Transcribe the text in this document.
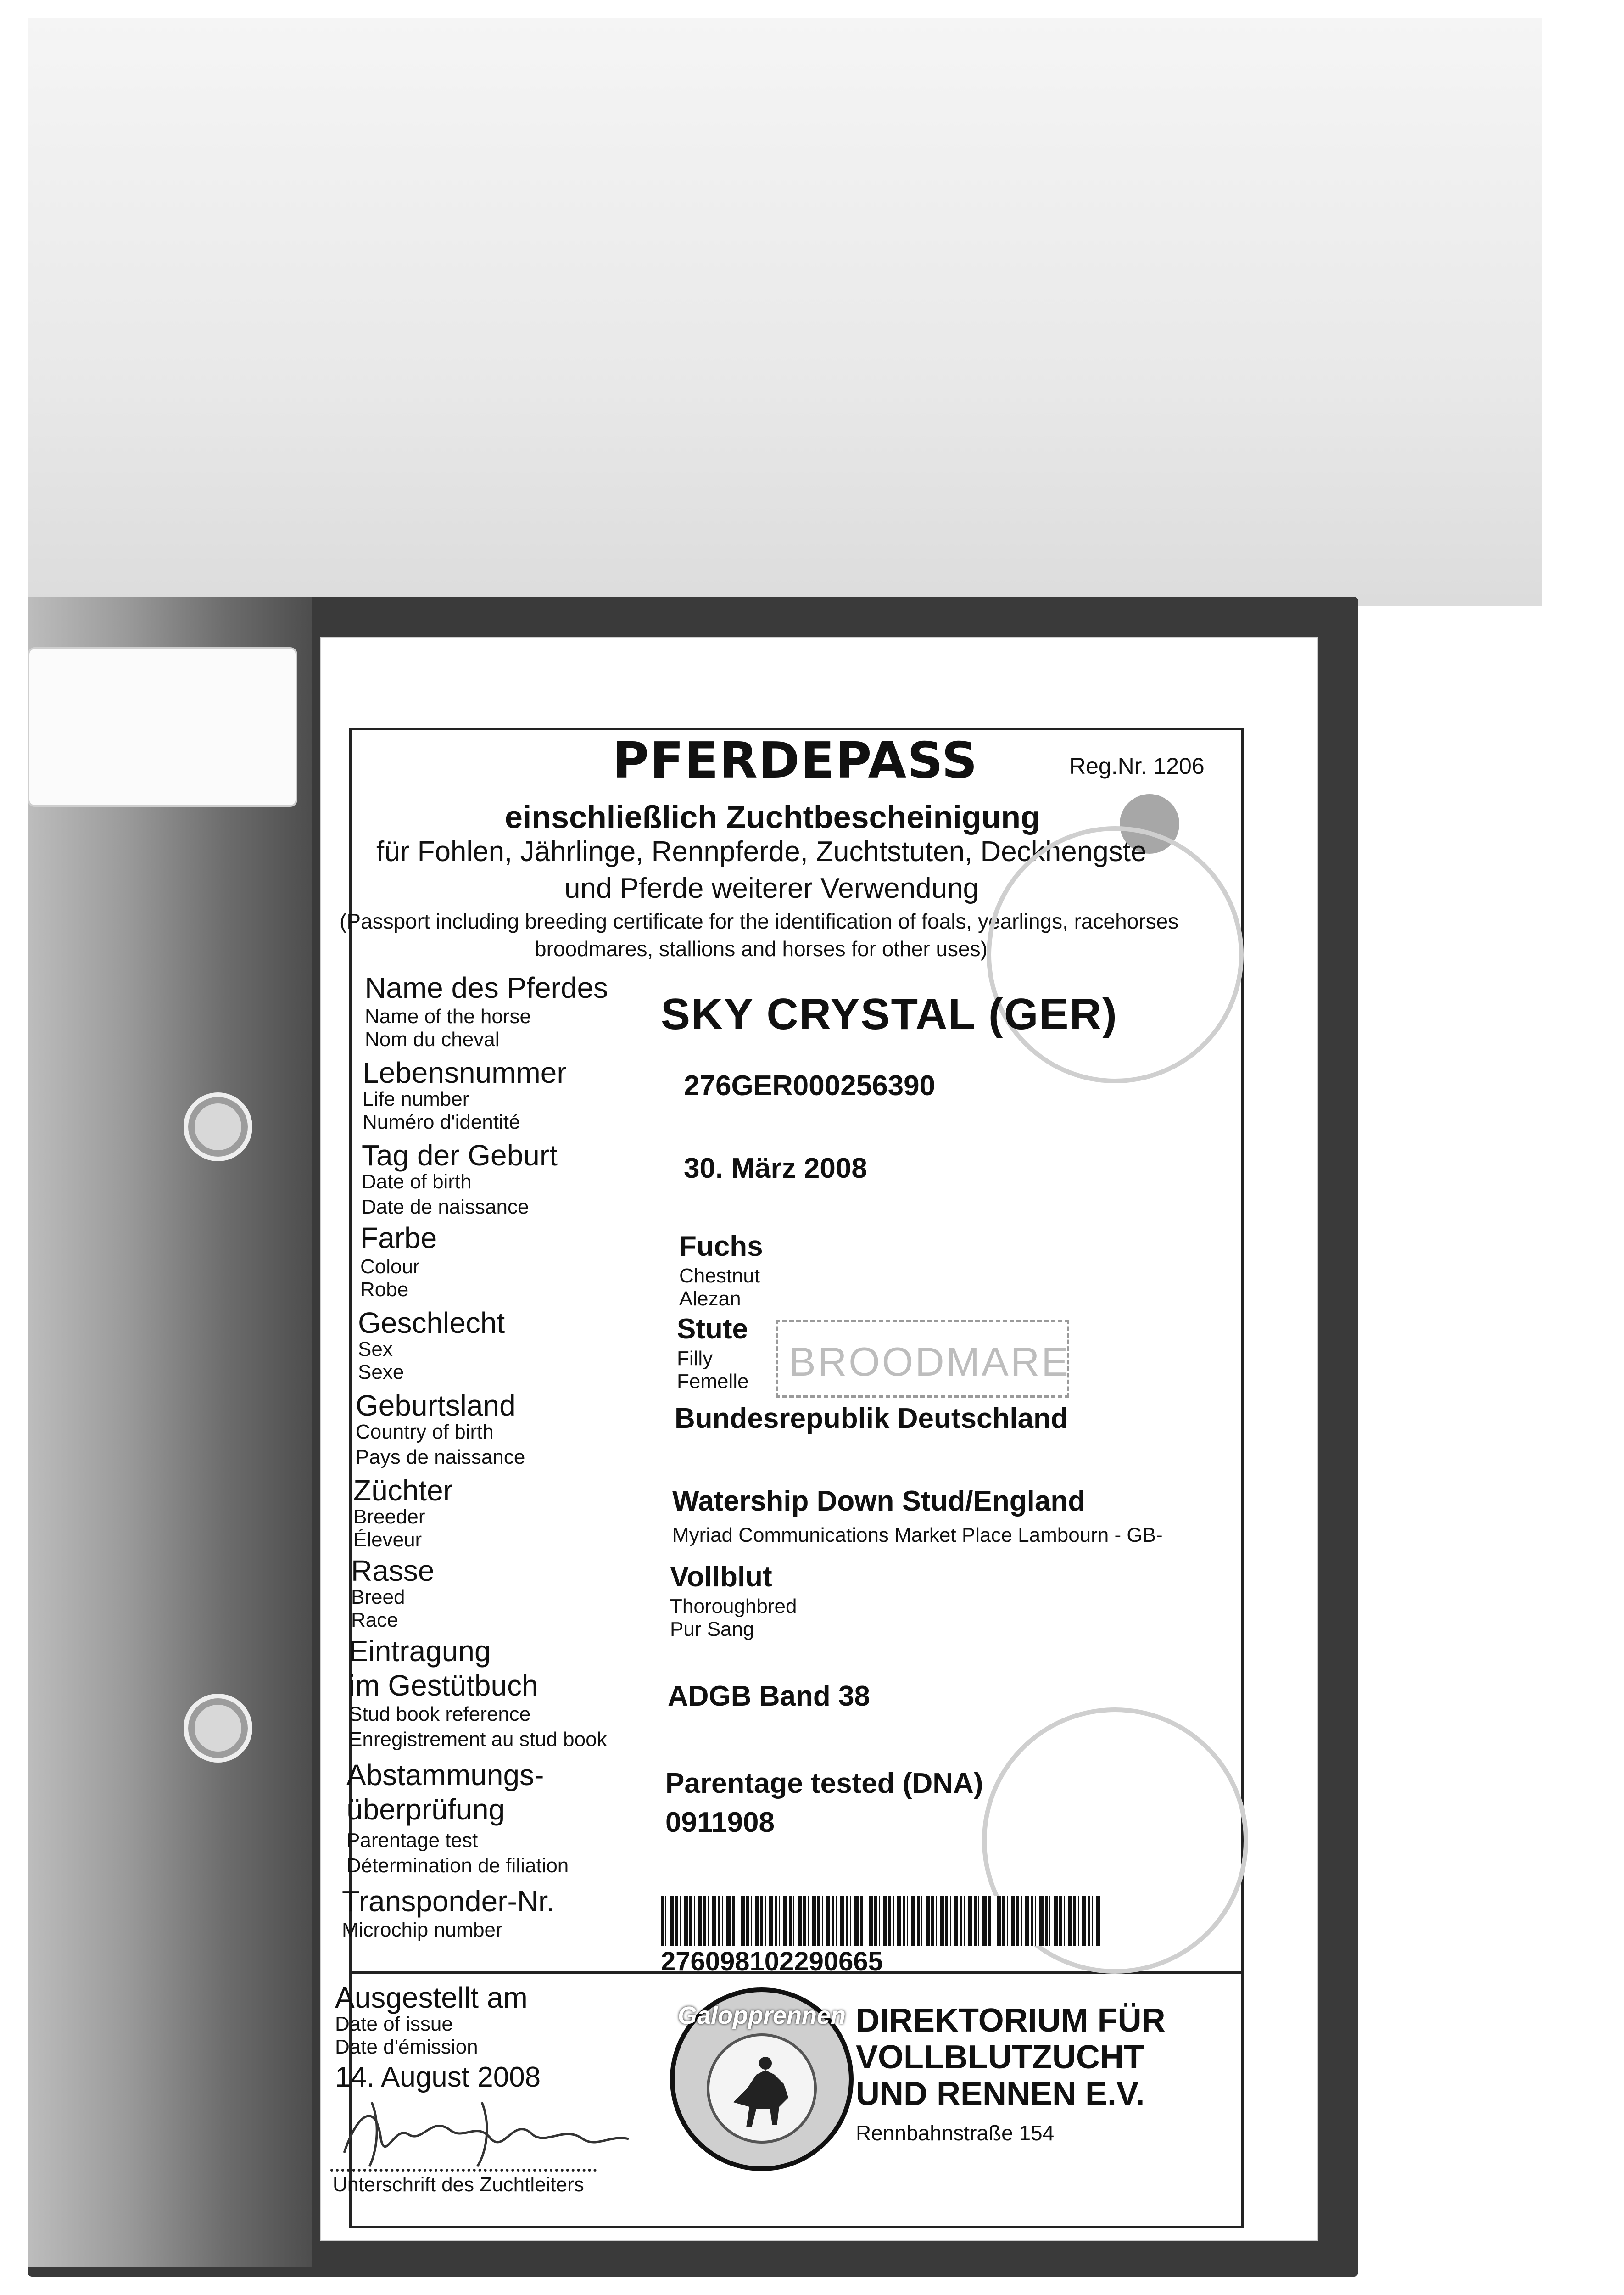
PFERDEPASS	Reg.Nr. 1206
einschließlich Zuchtbescheinigung
für Fohlen, Jährlinge, Rennpferde, Zuchtstuten, Deckhengste
und Pferde weiterer Verwendung
(Passport including breeding certificate for the identification of foals, yearlings, racehorses
broodmares, stallions and horses for other uses)
Name des Pferdes
Name of the horse
Nom du cheval
SKY CRYSTAL (GER)
Lebensnummer
Life number
Numéro d'identité
276GER000256390
Tag der Geburt
Date of birth
Date de naissance
30. März 2008
Farbe
Colour
Robe
Fuchs
Chestnut
Alezan
Geschlecht
Sex
Sexe
Stute
Filly
Femelle BROODMARE
Geburtsland
Country of birth
Pays de naissance
Bundesrepublik Deutschland
Züchter
Breeder
Éleveur
Watership Down Stud/England
Myriad Communications Market Place Lambourn - GB-
Rasse
Breed
Race
Vollblut
Thoroughbred
Pur Sang
Eintragung
im Gestütbuch
Stud book reference
Enregistrement au stud book
ADGB Band 38
Abstammungs-
überprüfung
Parentage test
Détermination de filiation
Parentage tested (DNA)
0911908
Transponder-Nr.
Microchip number
276098102290665
Ausgestellt am
Date of issue
Date d'émission
14. August 2008
Unterschrift des Zuchtleiters
Galopprennen DIREKTORIUM FÜR
VOLLBLUTZUCHT
UND RENNEN E.V.
Rennbahnstraße 154
